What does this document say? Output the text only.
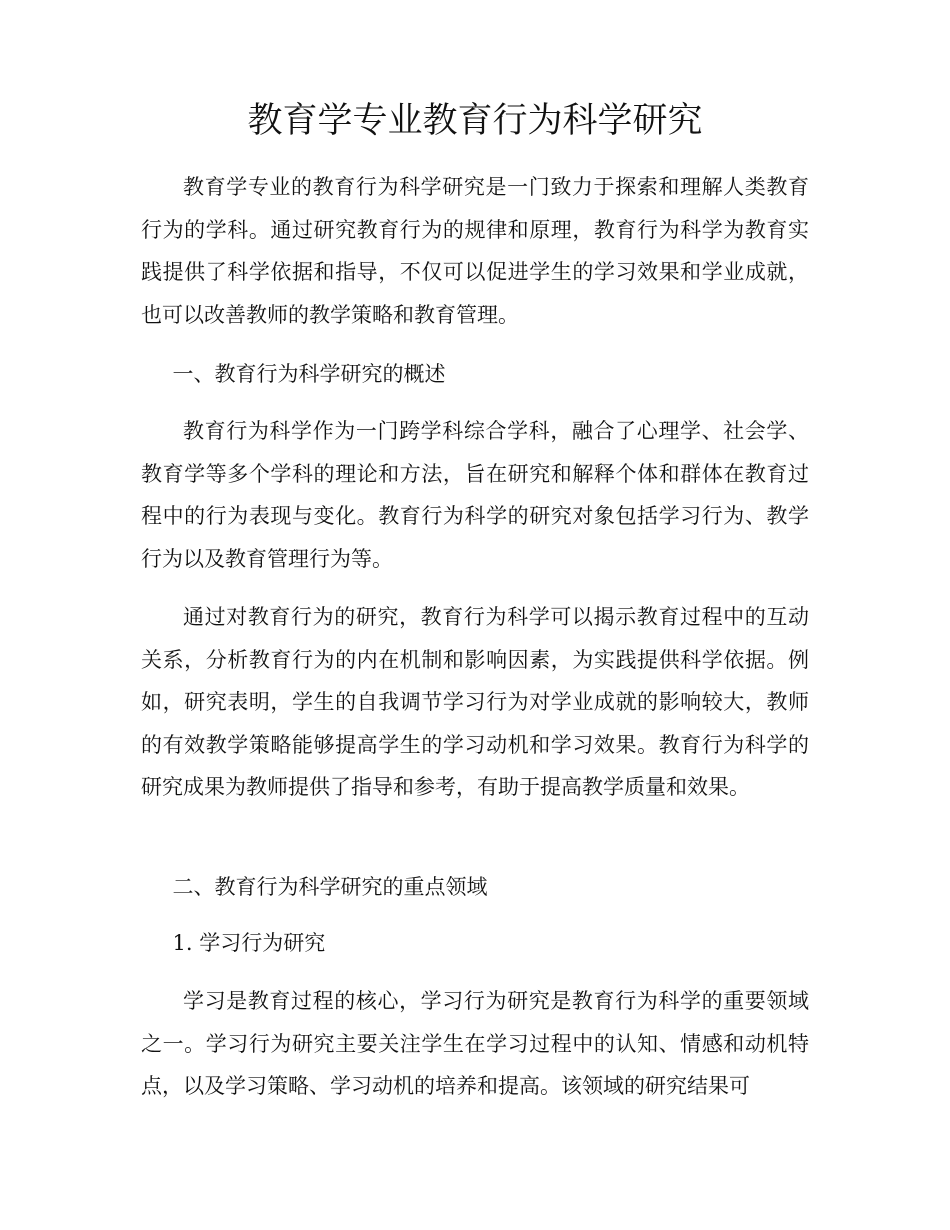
教育学专业教育行为科学研究

教育学专业的教育行为科学研究是一门致力于探索和理解人类教育行为的学科。通过研究教育行为的规律和原理，教育行为科学为教育实践提供了科学依据和指导，不仅可以促进学生的学习效果和学业成就，也可以改善教师的教学策略和教育管理。

一、教育行为科学研究的概述

教育行为科学作为一门跨学科综合学科，融合了心理学、社会学、教育学等多个学科的理论和方法，旨在研究和解释个体和群体在教育过程中的行为表现与变化。教育行为科学的研究对象包括学习行为、教学行为以及教育管理行为等。

通过对教育行为的研究，教育行为科学可以揭示教育过程中的互动关系，分析教育行为的内在机制和影响因素，为实践提供科学依据。例如，研究表明，学生的自我调节学习行为对学业成就的影响较大，教师的有效教学策略能够提高学生的学习动机和学习效果。教育行为科学的研究成果为教师提供了指导和参考，有助于提高教学质量和效果。

二、教育行为科学研究的重点领域

1. 学习行为研究

学习是教育过程的核心，学习行为研究是教育行为科学的重要领域之一。学习行为研究主要关注学生在学习过程中的认知、情感和动机特点，以及学习策略、学习动机的培养和提高。该领域的研究结果可
